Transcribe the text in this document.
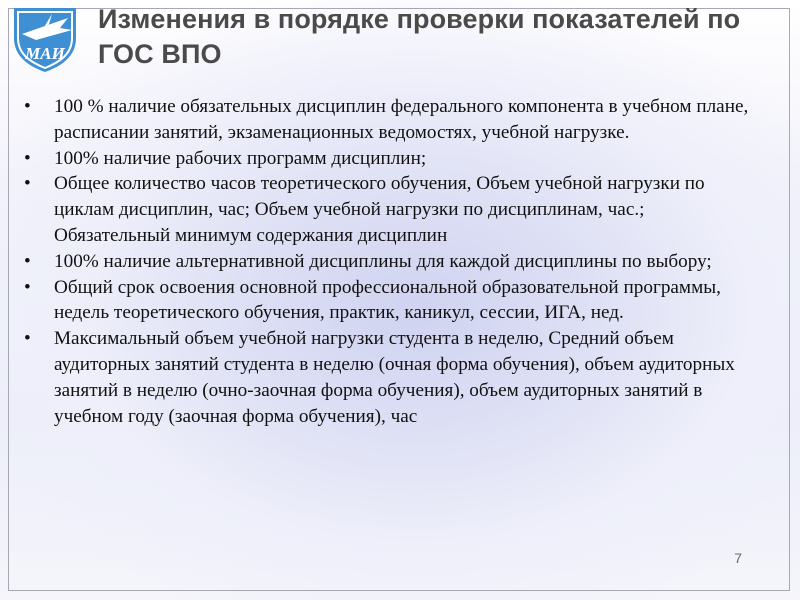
МАИ
Изменения в порядке проверки показателей по ГОС ВПО
• 100 % наличие обязательных дисциплин федерального компонента в учебном плане, расписании занятий, экзаменационных ведомостях, учебной нагрузке.
• 100% наличие рабочих программ дисциплин;
• Общее количество часов теоретического обучения, Объем учебной нагрузки по циклам дисциплин, час; Объем учебной нагрузки по дисциплинам, час.; Обязательный минимум содержания дисциплин
• 100% наличие альтернативной дисциплины для каждой дисциплины по выбору;
• Общий срок освоения основной профессиональной образовательной программы, недель теоретического обучения, практик, каникул, сессии, ИГА, нед.
• Максимальный объем учебной нагрузки студента в неделю, Средний объем аудиторных занятий студента в неделю (очная форма обучения), объем аудиторных занятий в неделю (очно-заочная форма обучения), объем аудиторных занятий в учебном году (заочная форма обучения), час
7
